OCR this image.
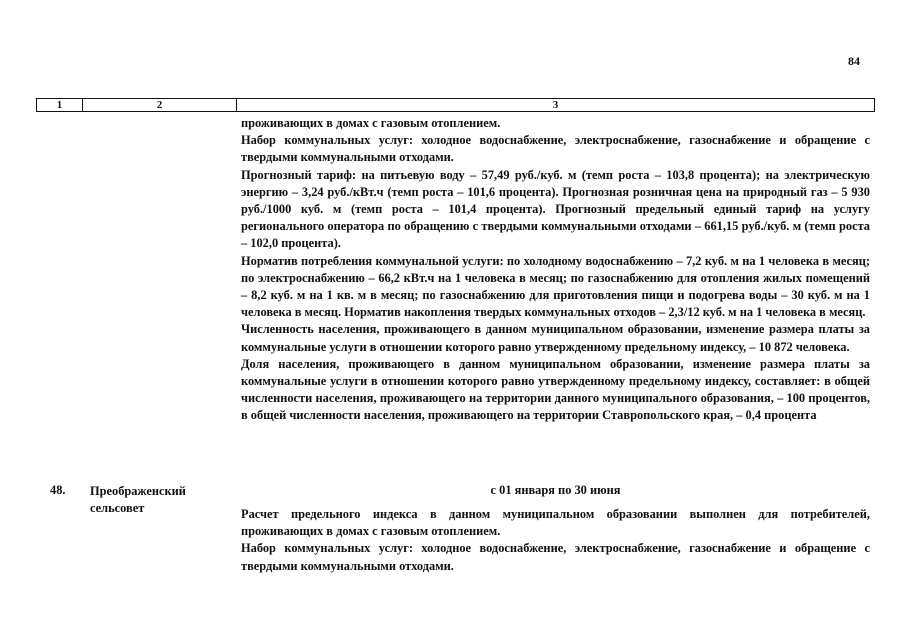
84
1	2	3

проживающих в домах с газовым отоплением.

Набор коммунальных услуг: холодное водоснабжение, электроснабжение, газоснабжение и обращение с твердыми коммунальными отходами.

Прогнозный тариф: на питьевую воду – 57,49 руб./куб. м (темп роста – 103,8 процента); на электрическую энергию – 3,24 руб./кВт.ч (темп роста – 101,6 процента). Прогнозная розничная цена на природный газ – 5 930 руб./1000 куб. м (темп роста – 101,4 процента). Прогнозный предельный единый тариф на услугу регионального оператора по обращению с твердыми коммунальными отходами – 661,15 руб./куб. м (темп роста – 102,0 процента).

Норматив потребления коммунальной услуги: по холодному водоснабжению – 7,2 куб. м на 1 человека в месяц; по электроснабжению – 66,2 кВт.ч на 1 человека в месяц; по газоснабжению для отопления жилых помещений – 8,2 куб. м на 1 кв. м в месяц; по газоснабжению для приготовления пищи и подогрева воды – 30 куб. м на 1 человека в месяц. Норматив накопления твердых коммунальных отходов – 2,3/12 куб. м на 1 человека в месяц.

Численность населения, проживающего в данном муниципальном образовании, изменение размера платы за коммунальные услуги в отношении которого равно утвержденному предельному индексу, – 10 872 человека.

Доля населения, проживающего в данном муниципальном образовании, изменение размера платы за коммунальные услуги в отношении которого равно утвержденному предельному индексу, составляет: в общей численности населения, проживающего на территории данного муниципального образования, – 100 процентов, в общей численности населения, проживающего на территории Ставропольского края, – 0,4 процента

48. Преображенский сельсовет
с 01 января по 30 июня

Расчет предельного индекса в данном муниципальном образовании выполнен для потребителей, проживающих в домах с газовым отоплением.

Набор коммунальных услуг: холодное водоснабжение, электроснабжение, газоснабжение и обращение с твердыми коммунальными отходами.
